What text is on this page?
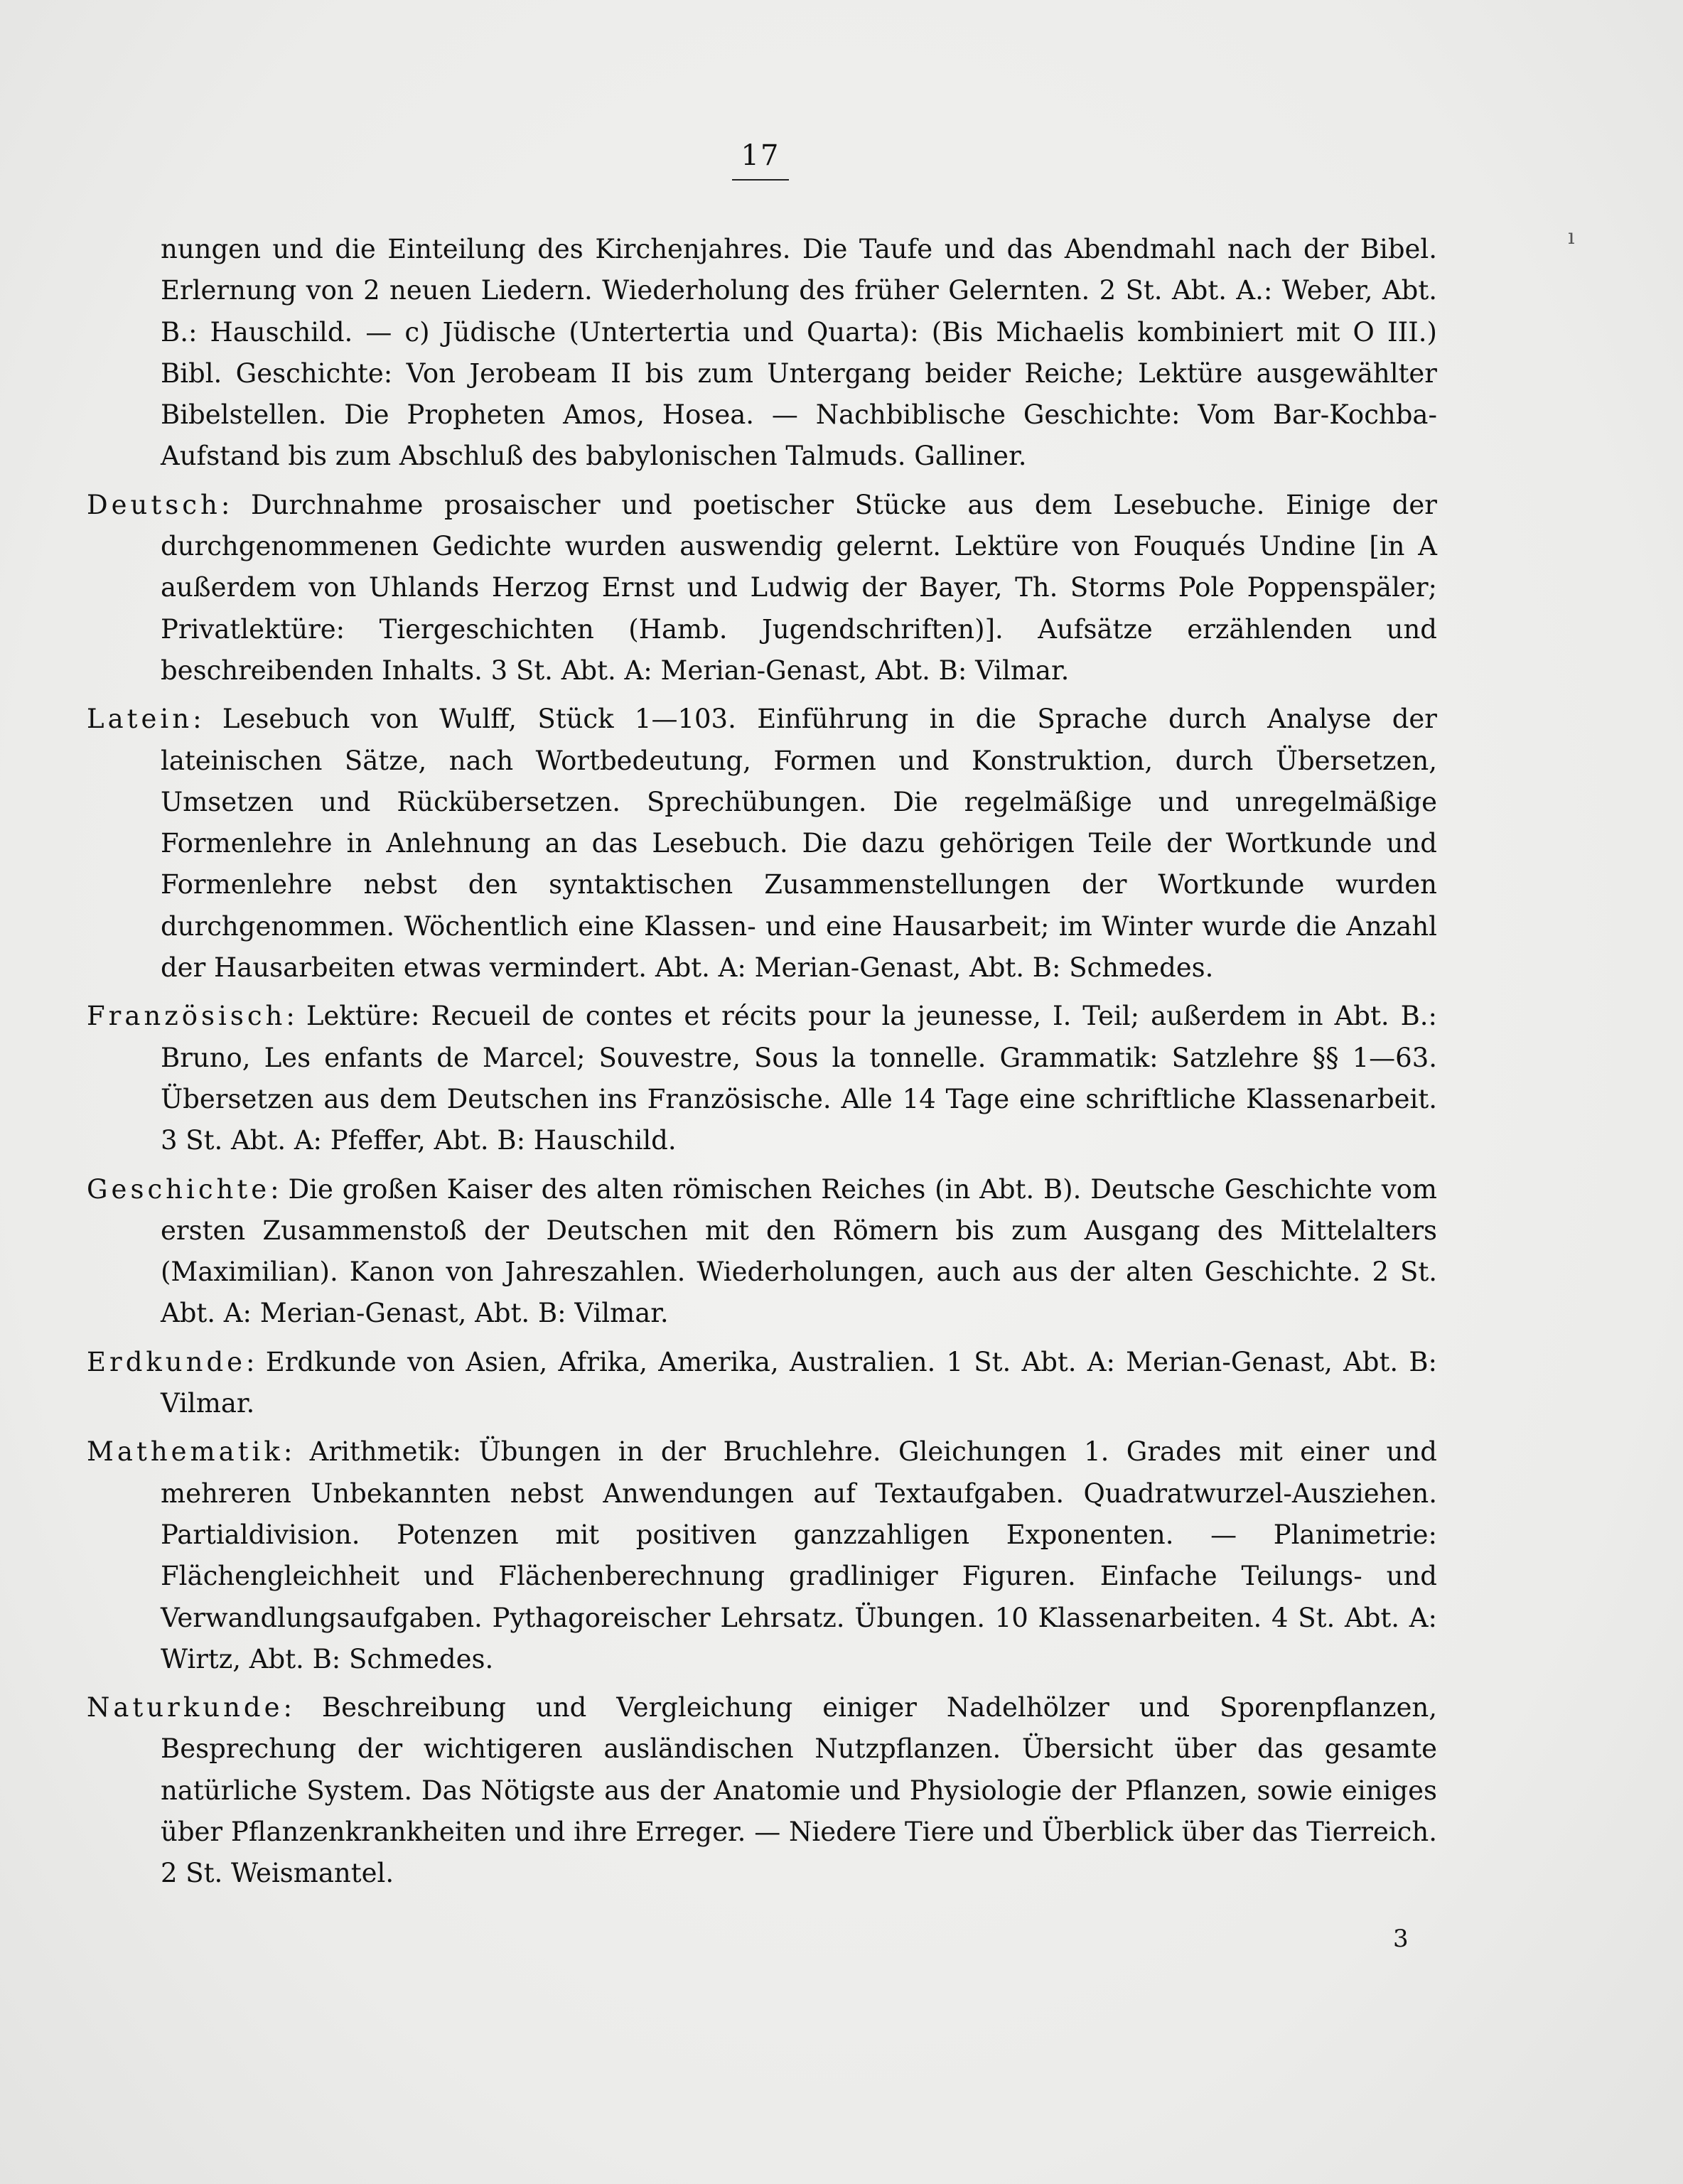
17
ı

nungen und die Einteilung des Kirchenjahres. Die Taufe und das Abendmahl nach der Bibel. Erlernung von 2 neuen Liedern. Wiederholung des früher Gelernten. 2 St. Abt. A.: Weber, Abt. B.: Hauschild. — c) Jüdische (Untertertia und Quarta): (Bis Michaelis kombiniert mit O III.) Bibl. Geschichte: Von Jerobeam II bis zum Untergang beider Reiche; Lektüre ausgewählter Bibelstellen. Die Propheten Amos, Hosea. — Nachbiblische Geschichte: Vom Bar-Kochba-Aufstand bis zum Abschluß des babylonischen Talmuds. Galliner.

Deutsch: Durchnahme prosaischer und poetischer Stücke aus dem Lesebuche. Einige der durchgenommenen Gedichte wurden auswendig gelernt. Lektüre von Fouqués Undine [in A außerdem von Uhlands Herzog Ernst und Ludwig der Bayer, Th. Storms Pole Poppenspäler; Privatlektüre: Tiergeschichten (Hamb. Jugendschriften)]. Aufsätze erzählenden und beschreibenden Inhalts. 3 St. Abt. A: Merian-Genast, Abt. B: Vilmar.

Latein: Lesebuch von Wulff, Stück 1—103. Einführung in die Sprache durch Analyse der lateinischen Sätze, nach Wortbedeutung, Formen und Konstruktion, durch Übersetzen, Umsetzen und Rückübersetzen. Sprechübungen. Die regelmäßige und unregelmäßige Formenlehre in Anlehnung an das Lesebuch. Die dazu gehörigen Teile der Wortkunde und Formenlehre nebst den syntaktischen Zusammenstellungen der Wortkunde wurden durchgenommen. Wöchentlich eine Klassen- und eine Hausarbeit; im Winter wurde die Anzahl der Hausarbeiten etwas vermindert. Abt. A: Merian-Genast, Abt. B: Schmedes.

Französisch: Lektüre: Recueil de contes et récits pour la jeunesse, I. Teil; außerdem in Abt. B.: Bruno, Les enfants de Marcel; Souvestre, Sous la tonnelle. Grammatik: Satzlehre §§ 1—63. Übersetzen aus dem Deutschen ins Französische. Alle 14 Tage eine schriftliche Klassenarbeit. 3 St. Abt. A: Pfeffer, Abt. B: Hauschild.

Geschichte: Die großen Kaiser des alten römischen Reiches (in Abt. B). Deutsche Geschichte vom ersten Zusammenstoß der Deutschen mit den Römern bis zum Ausgang des Mittelalters (Maximilian). Kanon von Jahreszahlen. Wiederholungen, auch aus der alten Geschichte. 2 St. Abt. A: Merian-Genast, Abt. B: Vilmar.

Erdkunde: Erdkunde von Asien, Afrika, Amerika, Australien. 1 St. Abt. A: Merian-Genast, Abt. B: Vilmar.

Mathematik: Arithmetik: Übungen in der Bruchlehre. Gleichungen 1. Grades mit einer und mehreren Unbekannten nebst Anwendungen auf Textaufgaben. Quadratwurzel-Ausziehen. Partialdivision. Potenzen mit positiven ganzzahligen Exponenten. — Planimetrie: Flächengleichheit und Flächenberechnung gradliniger Figuren. Einfache Teilungs- und Verwandlungsaufgaben. Pythagoreischer Lehrsatz. Übungen. 10 Klassenarbeiten. 4 St. Abt. A: Wirtz, Abt. B: Schmedes.

Naturkunde: Beschreibung und Vergleichung einiger Nadelhölzer und Sporenpflanzen, Besprechung der wichtigeren ausländischen Nutzpflanzen. Übersicht über das gesamte natürliche System. Das Nötigste aus der Anatomie und Physiologie der Pflanzen, sowie einiges über Pflanzenkrankheiten und ihre Erreger. — Niedere Tiere und Überblick über das Tierreich. 2 St. Weismantel.

3
